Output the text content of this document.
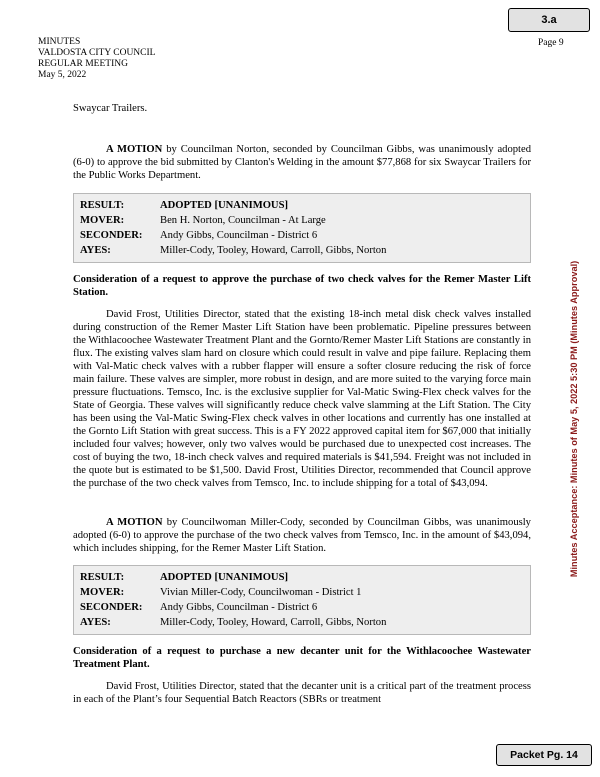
3.a
MINUTES
VALDOSTA CITY COUNCIL
REGULAR MEETING
May 5, 2022
Page 9
Minutes Acceptance: Minutes of May 5, 2022 5:30 PM (Minutes Approval)

Swaycar Trailers.

A MOTION by Councilman Norton, seconded by Councilman Gibbs, was unanimously adopted (6-0) to approve the bid submitted by Clanton's Welding in the amount $77,868 for six Swaycar Trailers for the Public Works Department.

RESULT:	ADOPTED [UNANIMOUS]
MOVER:	Ben H. Norton, Councilman - At Large
SECONDER:	Andy Gibbs, Councilman - District 6
AYES:	Miller-Cody, Tooley, Howard, Carroll, Gibbs, Norton

Consideration of a request to approve the purchase of two check valves for the Remer Master Lift Station.

David Frost, Utilities Director, stated that the existing 18-inch metal disk check valves installed during construction of the Remer Master Lift Station have been problematic. Pipeline pressures between the Withlacoochee Wastewater Treatment Plant and the Gornto/Remer Master Lift Stations are constantly in flux. The existing valves slam hard on closure which could result in valve and pipe failure. Replacing them with Val-Matic check valves with a rubber flapper will ensure a softer closure reducing the risk of force main failure. These valves are simpler, more robust in design, and are more suited to the varying force main pressure fluctuations. Temsco, Inc. is the exclusive supplier for Val-Matic Swing-Flex check valves for the State of Georgia. These valves will significantly reduce check valve slamming at the Lift Station. The City has been using the Val-Matic Swing-Flex check valves in other locations and currently has one installed at the Gornto Lift Station with great success. This is a FY 2022 approved capital item for $67,000 that initially included four valves; however, only two valves would be purchased due to unexpected cost increases. The cost of buying the two, 18-inch check valves and required materials is $41,594. Freight was not included in the quote but is estimated to be $1,500. David Frost, Utilities Director, recommended that Council approve the purchase of the two check valves from Temsco, Inc. to include shipping for a total of $43,094.

A MOTION by Councilwoman Miller-Cody, seconded by Councilman Gibbs, was unanimously adopted (6-0) to approve the purchase of the two check valves from Temsco, Inc. in the amount of $43,094, which includes shipping, for the Remer Master Lift Station.

RESULT:	ADOPTED [UNANIMOUS]
MOVER:	Vivian Miller-Cody, Councilwoman - District 1
SECONDER:	Andy Gibbs, Councilman - District 6
AYES:	Miller-Cody, Tooley, Howard, Carroll, Gibbs, Norton

Consideration of a request to purchase a new decanter unit for the Withlacoochee Wastewater Treatment Plant.

David Frost, Utilities Director, stated that the decanter unit is a critical part of the treatment process in each of the Plant’s four Sequential Batch Reactors (SBRs or treatment

Packet Pg. 14
